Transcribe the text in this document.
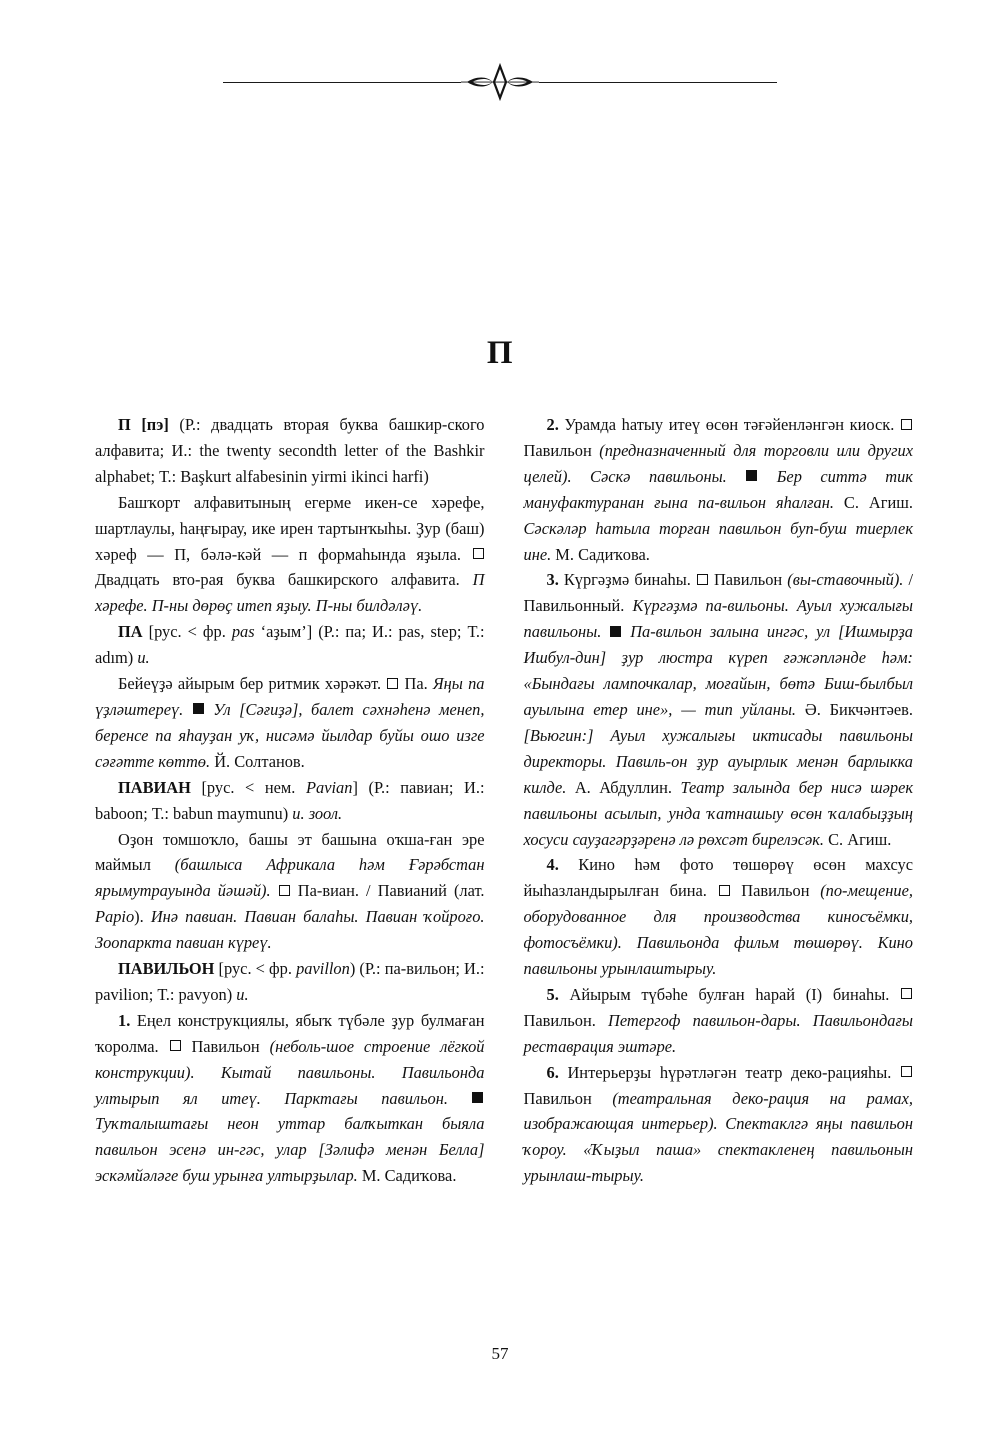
П

П [пэ] (Р.: двадцать вторая буква башкир-ского алфавита; И.: the twenty secondth letter of the Bashkir alphabet; Т.: Başkurt alfabesinin yirmi ikinci harfi)

Башҡорт алфавитының егерме икен-се хәрефе, шартлаулы, һаңғырау, ике ирен тартынҡыһы. Ҙур (баш) хәреф — П, бәлә-кәй — п формаһында яҙыла.  Двадцать вто-рая буква башкирского алфавита. П хәрефе. П-ны дөрөҫ итеп яҙыу. П-ны билдәләү.

ПА [рус. < фр. pas ‘аҙым’] (Р.: па; И.: pas, step; Т.: adım) и.

Бейеүҙә айырым бер ритмик хәрәкәт.  Па. Яңы па үҙләштереү. Ул [Сәғиҙә], балет сәхнәһенә менеп, беренсе па яһауҙан уҡ, нисәмә йылдар буйы ошо изге сәғәтте көттө. Й. Солтанов.

ПАВИАН [рус. < нем. Pavian] (Р.: павиан; И.: baboon; Т.: babun maymunu) и. зоол.

Оҙон томшоҡло, башы эт башына оҡша-ған эре маймыл (башлыса Африкала һәм Ғәрәбстан ярымутрауында йәшәй).  Па-виан. / Павианий (лат. Papio). Инә павиан. Павиан балаһы. Павиан ҡойроғо. Зоопаркта павиан күреү.

ПАВИЛЬОН [рус. < фр. pavillon) (Р.: па-вильон; И.: pavilion; Т.: pavyon) и.

1. Еңел конструкциялы, ябыҡ түбәле ҙур булмаған ҡоролма.  Павильон (неболь-шое строение лёгкой конструкции). Кытай павильоны. Павильонда ултырып ял итеү. Парктағы павильон.  Туҡталыштағы неон уттар балҡыткан быяла павильон эсенә ин-гәс, улар [Зәлифә менән Белла] эскәмйәләге буш урынға ултырҙылар. М. Садиҡова.

2. Урамда һатыу итеү өсөн тәғәйенләнгән киоск.  Павильон (предназначенный для торговли или других целей). Сәскә павильоны.	Бер ситтә тик мануфактуранан ғына па-вильон яһалған. С. Агиш. Сәскәләр һатыла торған павильон буп-буш тиерлек ине. М. Садиҡова.

3. Күргәҙмә бинаһы.  Павильон (вы-ставочный). / Павильонный. Күргәҙмә па-вильоны. Ауыл хужалығы павильоны. Па-вильон залына ингәс, ул [Ишмырҙа Ишбул-дин] ҙур люстра күреп ғәжәпләнде һәм: «Бындағы лампочкалар, моғайын, бөтә Биш-былбыл ауылына етер ине», — тип уйланы. Ә. Бикчәнтәев. [Вьюгин:] Ауыл хужалығы иктисады павильоны директоры. Павиль-он ҙур ауырлык менән барлыкка килде. А. Абдуллин. Театр залында бер нисә шәрек павильоны асылып, унда ҡатнашыу өсөн ҡалабыҙҙың хосуси сауҙагәрҙәренә лә рөхсәт бирелэсәк. С. Агиш.

4. Кино һәм фото төшөрөү өсөн махсус йыһазландырылған бина.  Павильон (по-мещение, оборудованное для производства киносъёмки, фотосъёмки). Павильонда фильм төшөрөү. Кино павильоны урынлаштырыу.

5. Айырым түбәһе булған һарай (I) бинаһы.  Павильон. Петергоф павильон-дары. Павильондағы реставрация эштәре.

6. Интерьерҙы һүрәтләгән театр деко-рацияһы.  Павильон (театральная деко-рация на рамах, изображающая интерьер). Спектаклгә яңы павильон ҡороу. «Ҡыҙыл паша» спектакленең павильонын урынлаш-тырыу.

57
